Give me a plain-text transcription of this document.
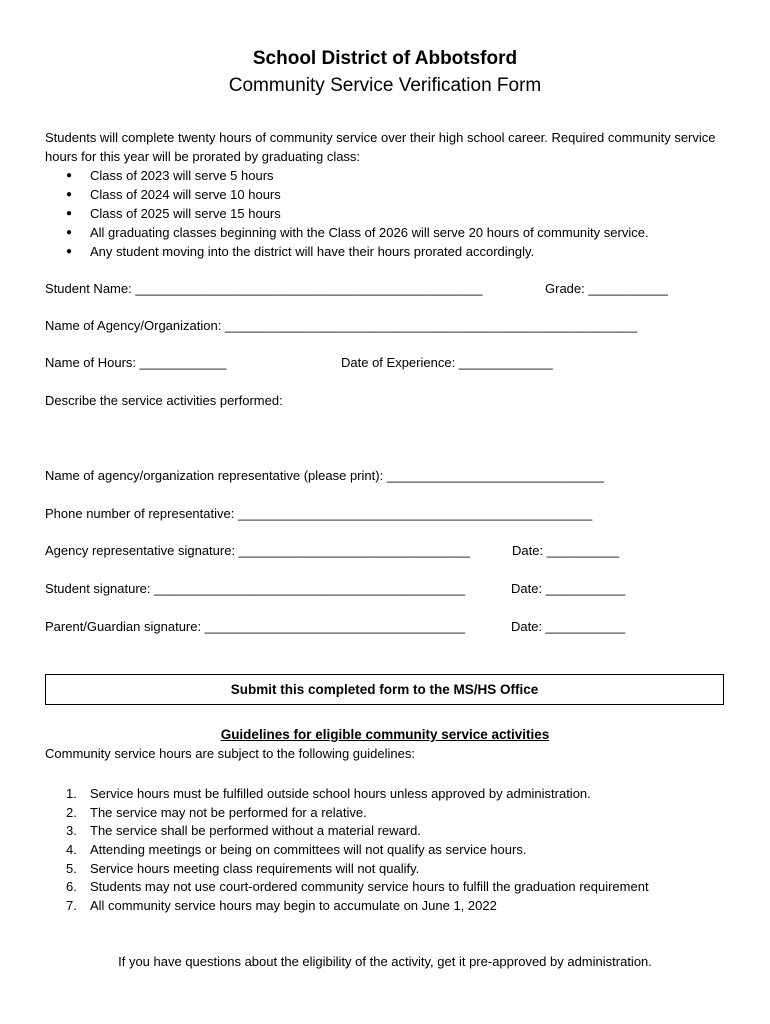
School District of Abbotsford
Community Service Verification Form
Students will complete twenty hours of community service over their high school career. Required community service hours for this year will be prorated by graduating class:
● Class of 2023 will serve 5 hours
● Class of 2024 will serve 10 hours
● Class of 2025 will serve 15 hours
● All graduating classes beginning with the Class of 2026 will serve 20 hours of community service.
● Any student moving into the district will have their hours prorated accordingly.
Student Name: ________________________________________________	Grade: ___________
Name of Agency/Organization: _________________________________________________________
Name of Hours: ____________	Date of Experience: _____________
Describe the service activities performed:
Name of agency/organization representative (please print): ______________________________
Phone number of representative: _________________________________________________
Agency representative signature: ________________________________	Date: __________
Student signature: ___________________________________________	Date: ___________
Parent/Guardian signature: ____________________________________	Date: ___________
Submit this completed form to the MS/HS Office
Guidelines for eligible community service activities
Community service hours are subject to the following guidelines:
1. Service hours must be fulfilled outside school hours unless approved by administration.
2. The service may not be performed for a relative.
3. The service shall be performed without a material reward.
4. Attending meetings or being on committees will not qualify as service hours.
5. Service hours meeting class requirements will not qualify.
6. Students may not use court-ordered community service hours to fulfill the graduation requirement
7. All community service hours may begin to accumulate on June 1, 2022
If you have questions about the eligibility of the activity, get it pre-approved by administration.
